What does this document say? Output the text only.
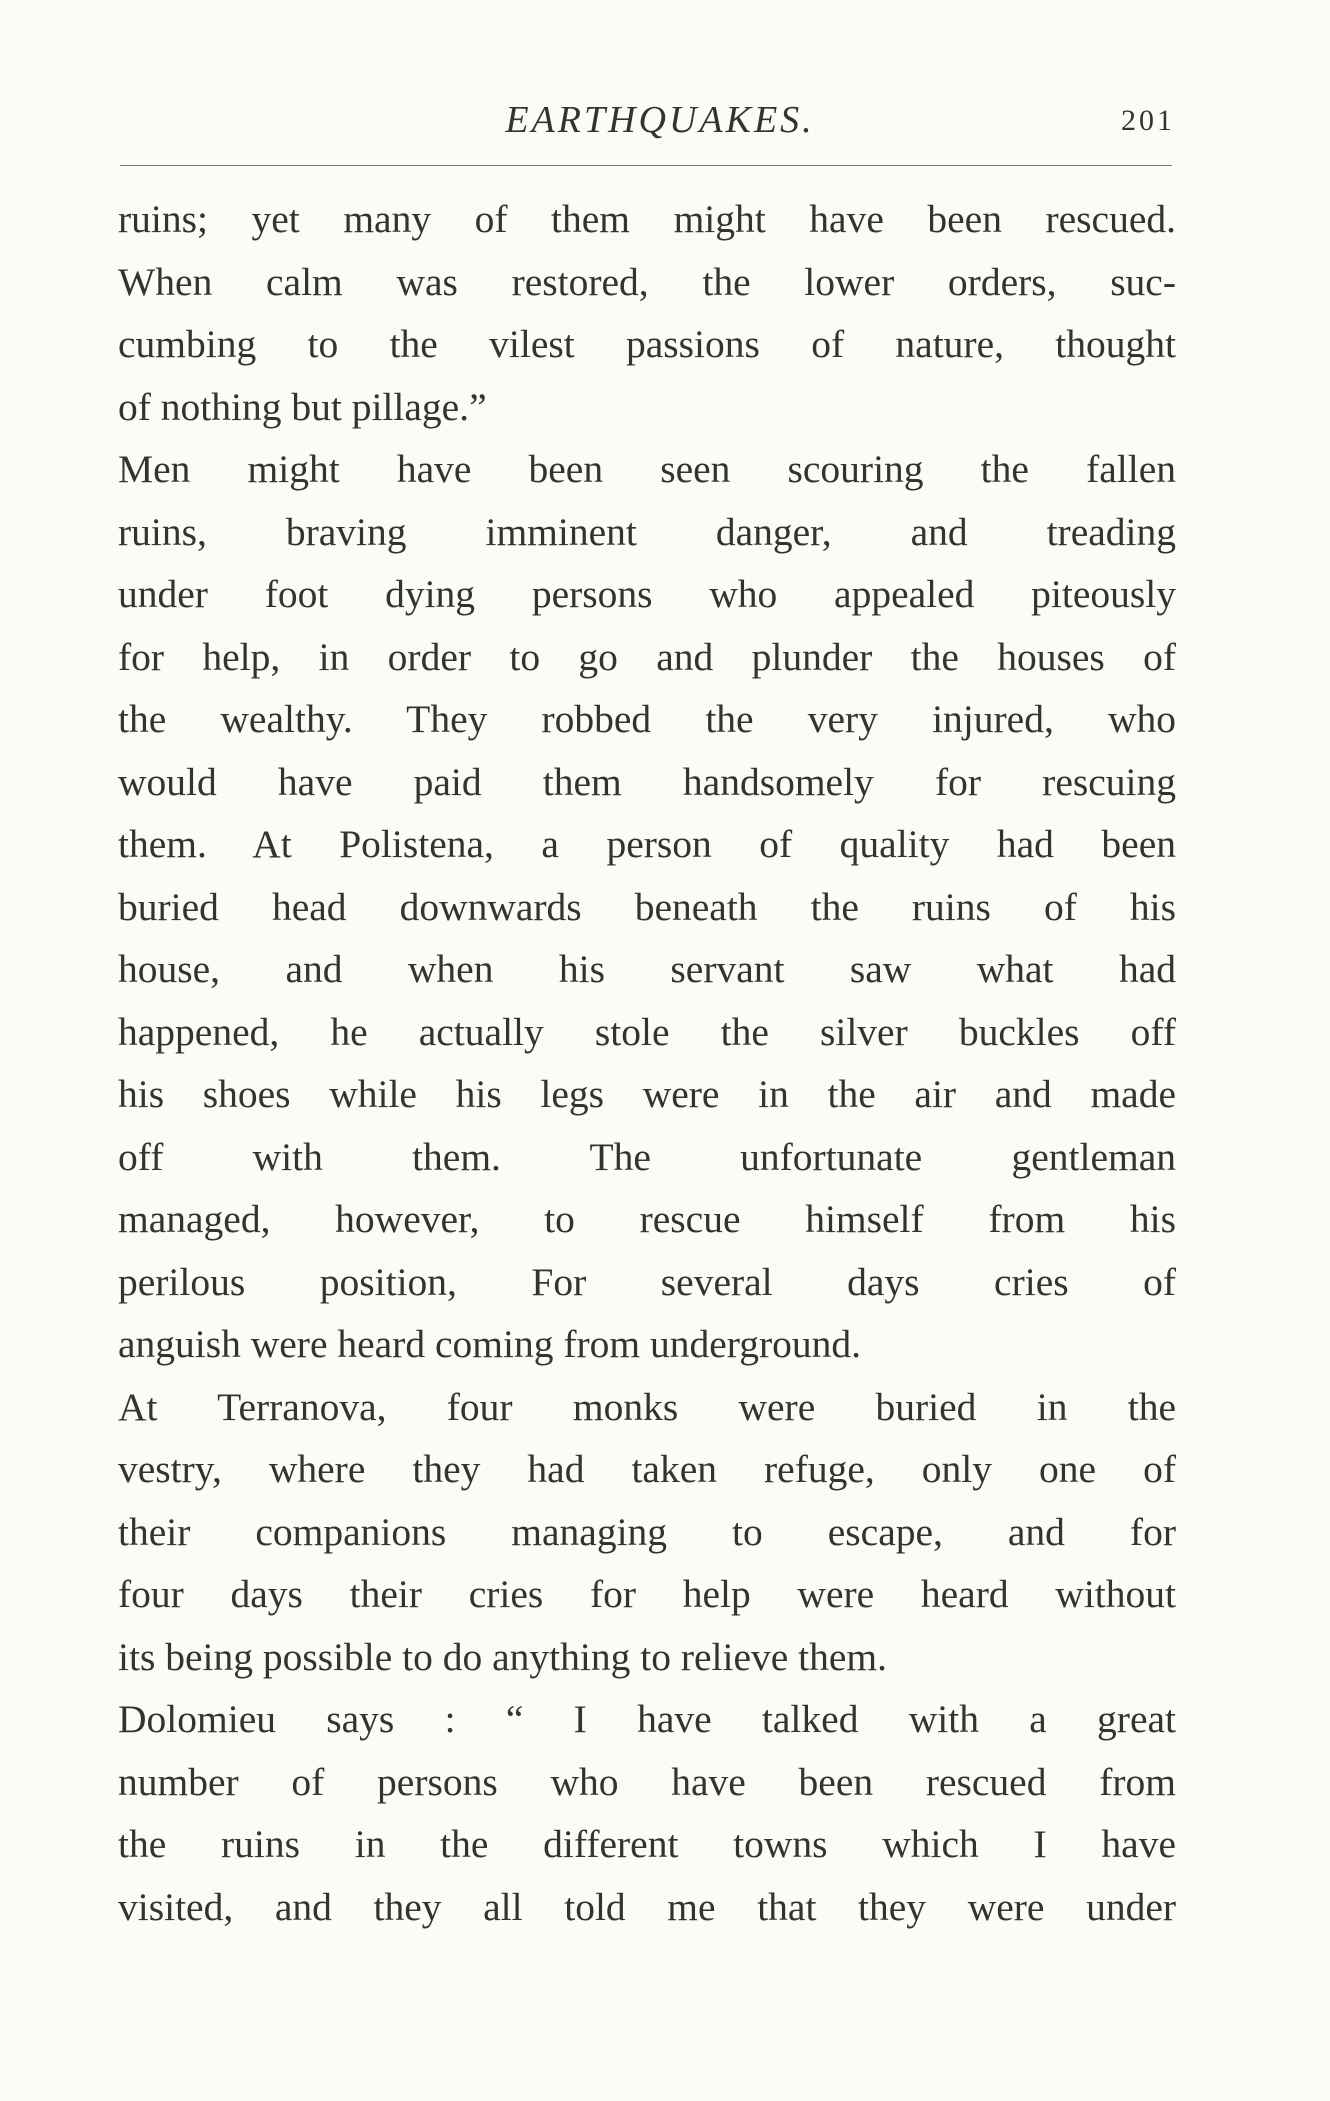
EARTHQUAKES.	201
ruins; yet many of them might have been rescued.
When calm was restored, the lower orders, suc-
cumbing to the vilest passions of nature, thought
of nothing but pillage.”
Men might have been seen scouring the fallen
ruins, braving imminent danger, and treading
under foot dying persons who appealed piteously
for help, in order to go and plunder the houses of
the wealthy. They robbed the very injured, who
would have paid them handsomely for rescuing
them. At Polistena, a person of quality had been
buried head downwards beneath the ruins of his
house, and when his servant saw what had
happened, he actually stole the silver buckles off
his shoes while his legs were in the air and made
off with them. The unfortunate gentleman
managed, however, to rescue himself from his
perilous position, For several days cries of
anguish were heard coming from underground.
At Terranova, four monks were buried in the
vestry, where they had taken refuge, only one of
their companions managing to escape, and for
four days their cries for help were heard without
its being possible to do anything to relieve them.
Dolomieu says : “ I have talked with a great
number of persons who have been rescued from
the ruins in the different towns which I have
visited, and they all told me that they were under
